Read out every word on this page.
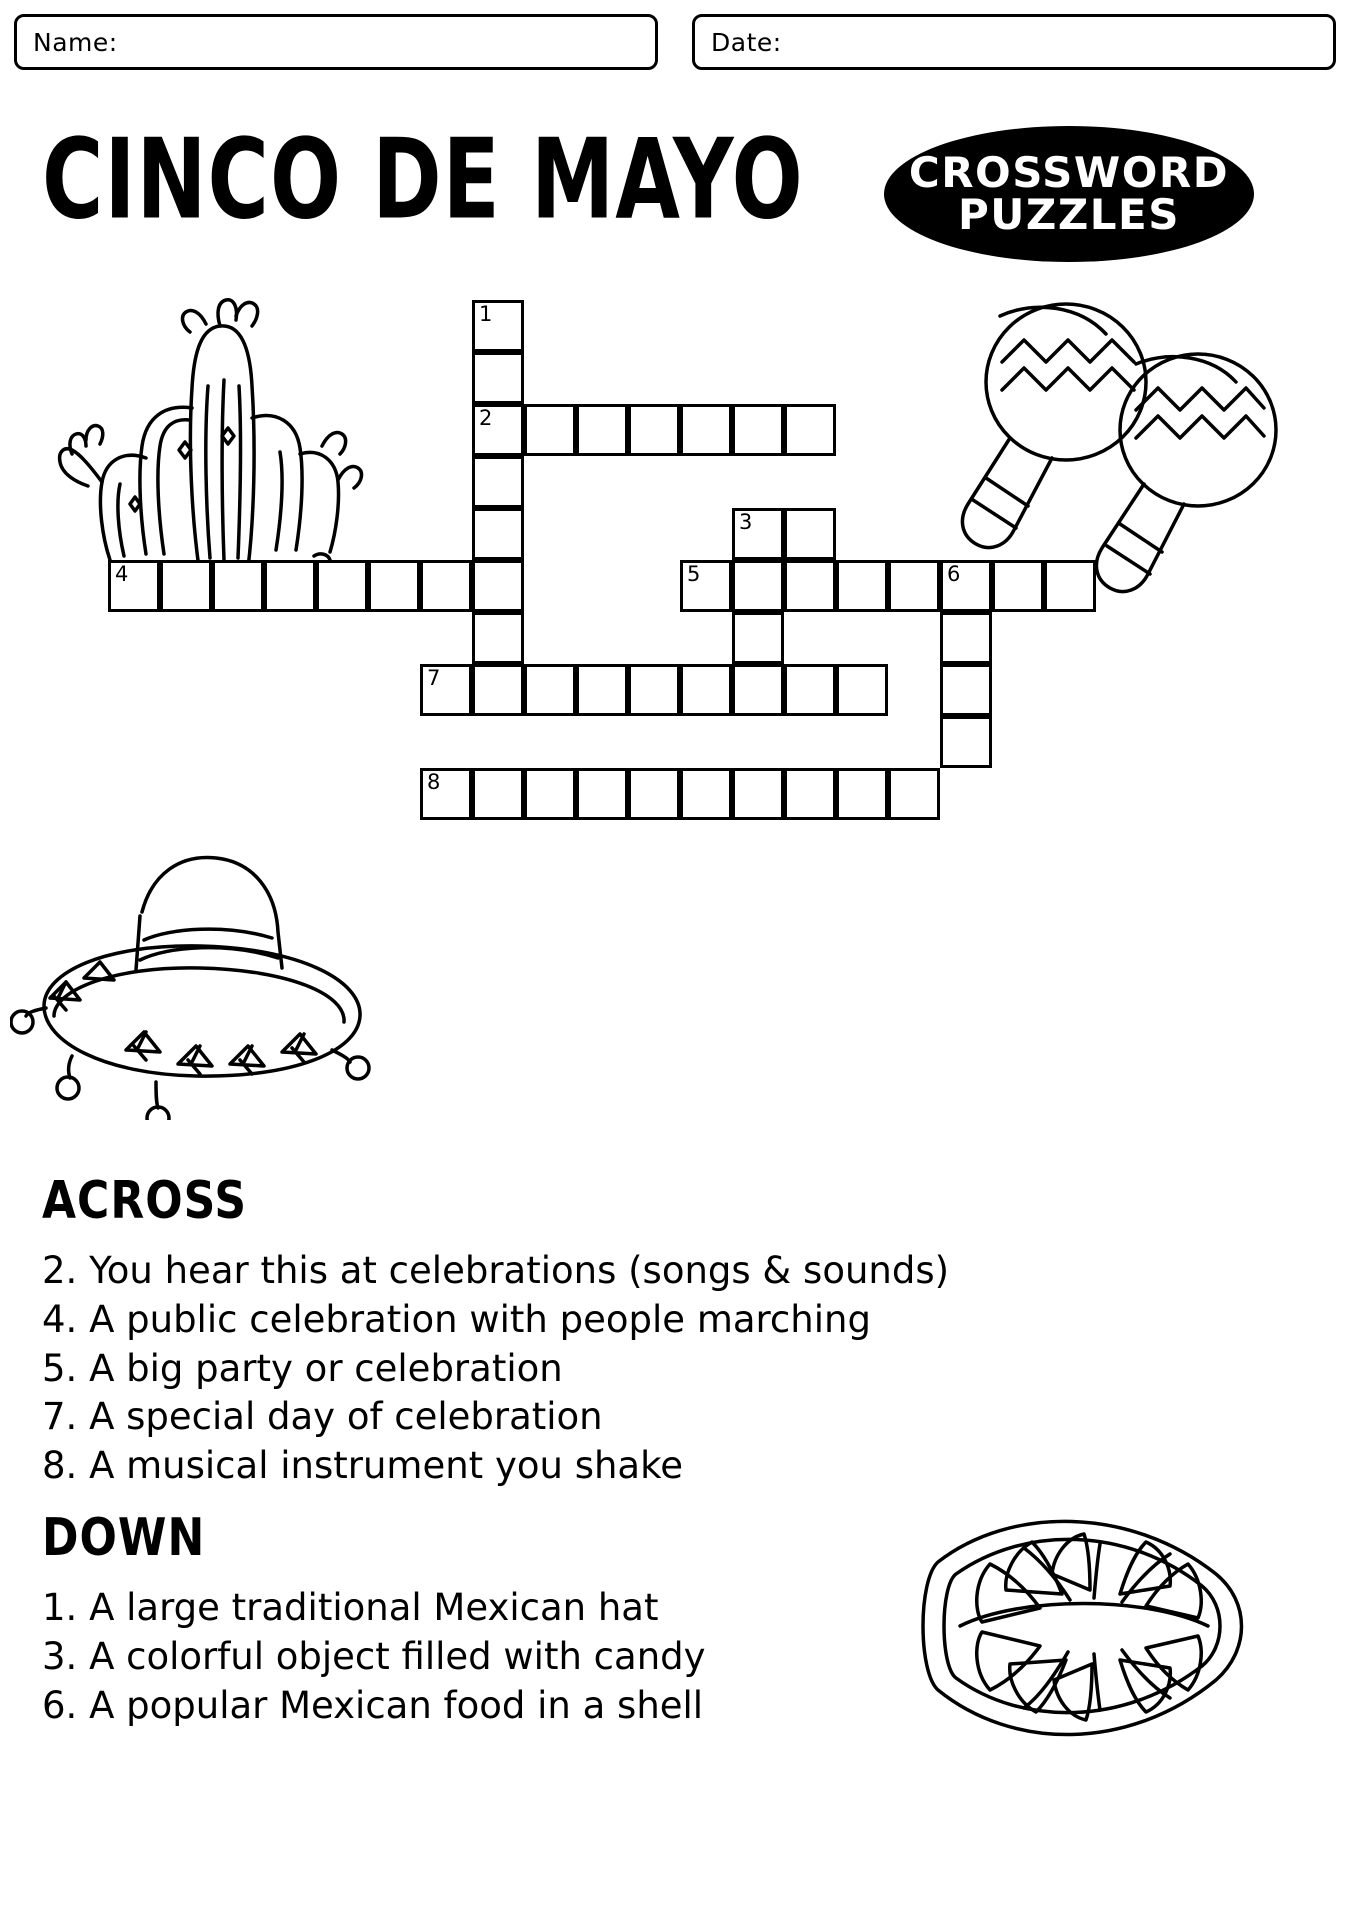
Name:	Date:
CINCO DE MAYO	CROSSWORD
PUZZLES
1
2
3
4	5	6
7
8
ACROSS
2. You hear this at celebrations (songs & sounds)
4. A public celebration with people marching
5. A big party or celebration
7. A special day of celebration
8. A musical instrument you shake
DOWN
1. A large traditional Mexican hat
3. A colorful object filled with candy
6. A popular Mexican food in a shell
